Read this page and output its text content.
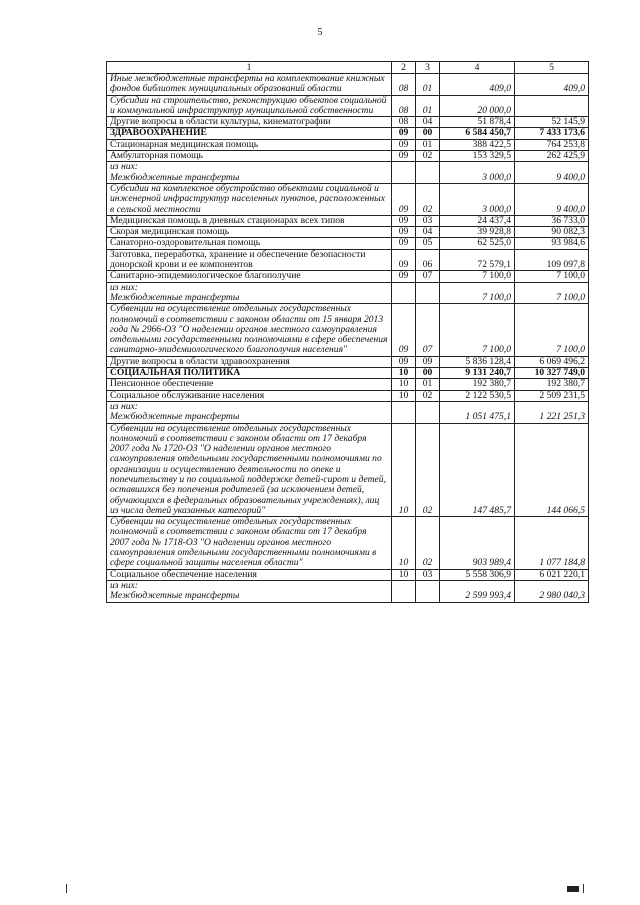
5
1	2	3	4	5
Иные межбюджетные трансферты на комплектование книжных фондов библиотек муниципальных образований области	08	01	409,0	409,0
Субсидии на строительство, реконструкцию объектов социальной и коммунальной инфраструктур муниципальной собственности	08	01	20 000,0	
Другие вопросы в области культуры, кинематографии	08	04	51 878,4	52 145,9
ЗДРАВООХРАНЕНИЕ	09	00	6 584 450,7	7 433 173,6
Стационарная медицинская помощь	09	01	388 422,5	764 253,8
Амбулаторная помощь	09	02	153 329,5	262 425,9
из них:
Межбюджетные трансферты			3 000,0	9 400,0
Субсидии на комплексное обустройство объектами социальной и инженерной инфраструктур населенных пунктов, расположенных в сельской местности	09	02	3 000,0	9 400,0
Медицинская помощь в дневных стационарах всех типов	09	03	24 437,4	36 733,0
Скорая медицинская помощь	09	04	39 928,8	90 082,3
Санаторно-оздоровительная помощь	09	05	62 525,0	93 984,6
Заготовка, переработка, хранение и обеспечение безопасности донорской крови и ее компонентов	09	06	72 579,1	109 097,8
Санитарно-эпидемиологическое благополучие	09	07	7 100,0	7 100,0
из них:
Межбюджетные трансферты			7 100,0	7 100,0
Субвенции на осуществление отдельных государственных полномочий в соответствии с законом области от 15 января 2013 года № 2966-ОЗ "О наделении органов местного самоуправления отдельными государственными полномочиями в сфере обеспечения санитарно-эпидемиологического благополучия населения"	09	07	7 100,0	7 100,0
Другие вопросы в области здравоохранения	09	09	5 836 128,4	6 069 496,2
СОЦИАЛЬНАЯ ПОЛИТИКА	10	00	9 131 240,7	10 327 749,0
Пенсионное обеспечение	10	01	192 380,7	192 380,7
Социальное обслуживание населения	10	02	2 122 530,5	2 509 231,5
из них:
Межбюджетные трансферты			1 051 475,1	1 221 251,3
Субвенции на осуществление отдельных государственных полномочий в соответствии с законом области от 17 декабря 2007 года № 1720-ОЗ "О наделении органов местного самоуправления отдельными государственными полномочиями по организации и осуществлению деятельности по опеке и попечительству и по социальной поддержке детей-сирот и детей, оставшихся без попечения родителей (за исключением детей, обучающихся в федеральных образовательных учреждениях), лиц из числа детей указанных категорий"	10	02	147 485,7	144 066,5
Субвенции на осуществление отдельных государственных полномочий в соответствии с законом области от 17 декабря 2007 года № 1718-ОЗ "О наделении органов местного самоуправления отдельными государственными полномочиями в сфере социальной защиты населения области"	10	02	903 989,4	1 077 184,8
Социальное обеспечение населения	10	03	5 558 306,9	6 021 220,1
из них:
Межбюджетные трансферты			2 599 993,4	2 980 040,3
